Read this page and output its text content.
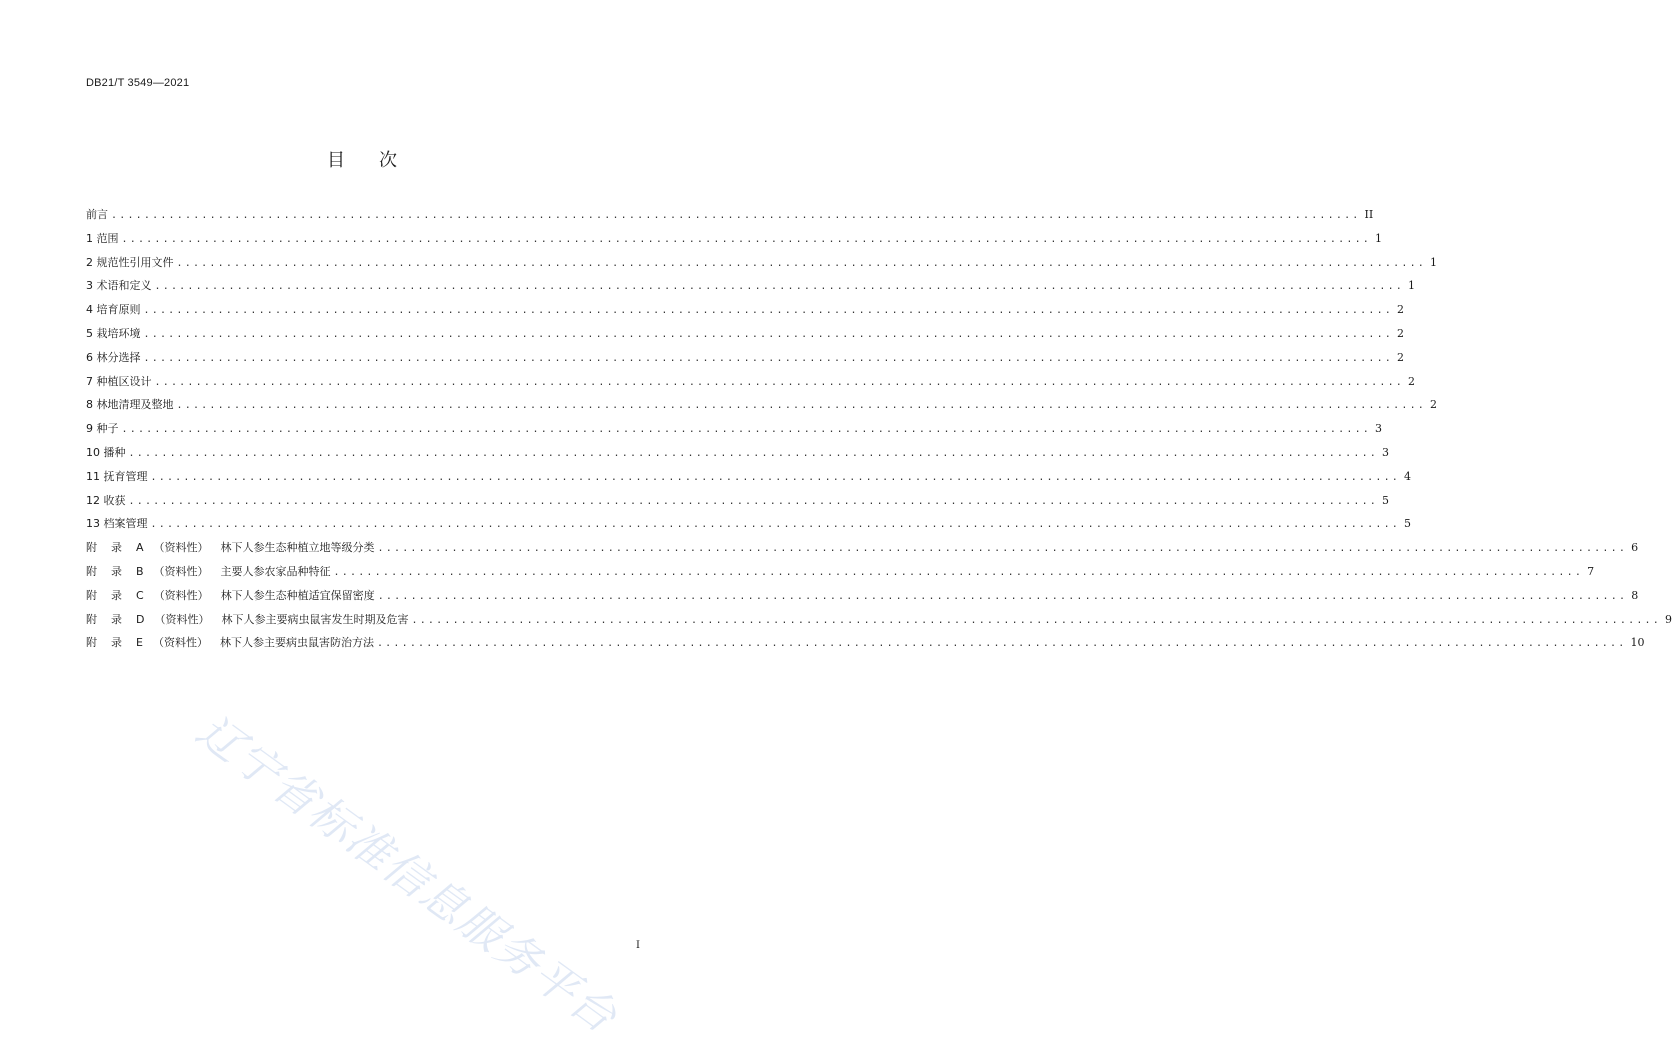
DB21/T 3549—2021
目 次
前言 ........................................................................................................................................................ II
1 范围 ........................................................................................................................................................ 1
2 规范性引用文件 ........................................................................................................................................................ 1
3 术语和定义 ........................................................................................................................................................ 1
4 培育原则 ........................................................................................................................................................ 2
5 栽培环境 ........................................................................................................................................................ 2
6 林分选择 ........................................................................................................................................................ 2
7 种植区设计 ........................................................................................................................................................ 2
8 林地清理及整地 ........................................................................................................................................................ 2
9 种子 ........................................................................................................................................................ 3
10 播种 ........................................................................................................................................................ 3
11 抚育管理 ........................................................................................................................................................ 4
12 收获 ........................................................................................................................................................ 5
13 档案管理 ........................................................................................................................................................ 5
附 录 A （资料性） 林下人参生态种植立地等级分类 ........................................................................................................................................................ 6
附 录 B （资料性） 主要人参农家品种特征 ........................................................................................................................................................ 7
附 录 C （资料性） 林下人参生态种植适宜保留密度 ........................................................................................................................................................ 8
附 录 D （资料性） 林下人参主要病虫鼠害发生时期及危害 ........................................................................................................................................................ 9
附 录 E （资料性） 林下人参主要病虫鼠害防治方法 ........................................................................................................................................................ 10
辽宁省标准信息服务平台 I
